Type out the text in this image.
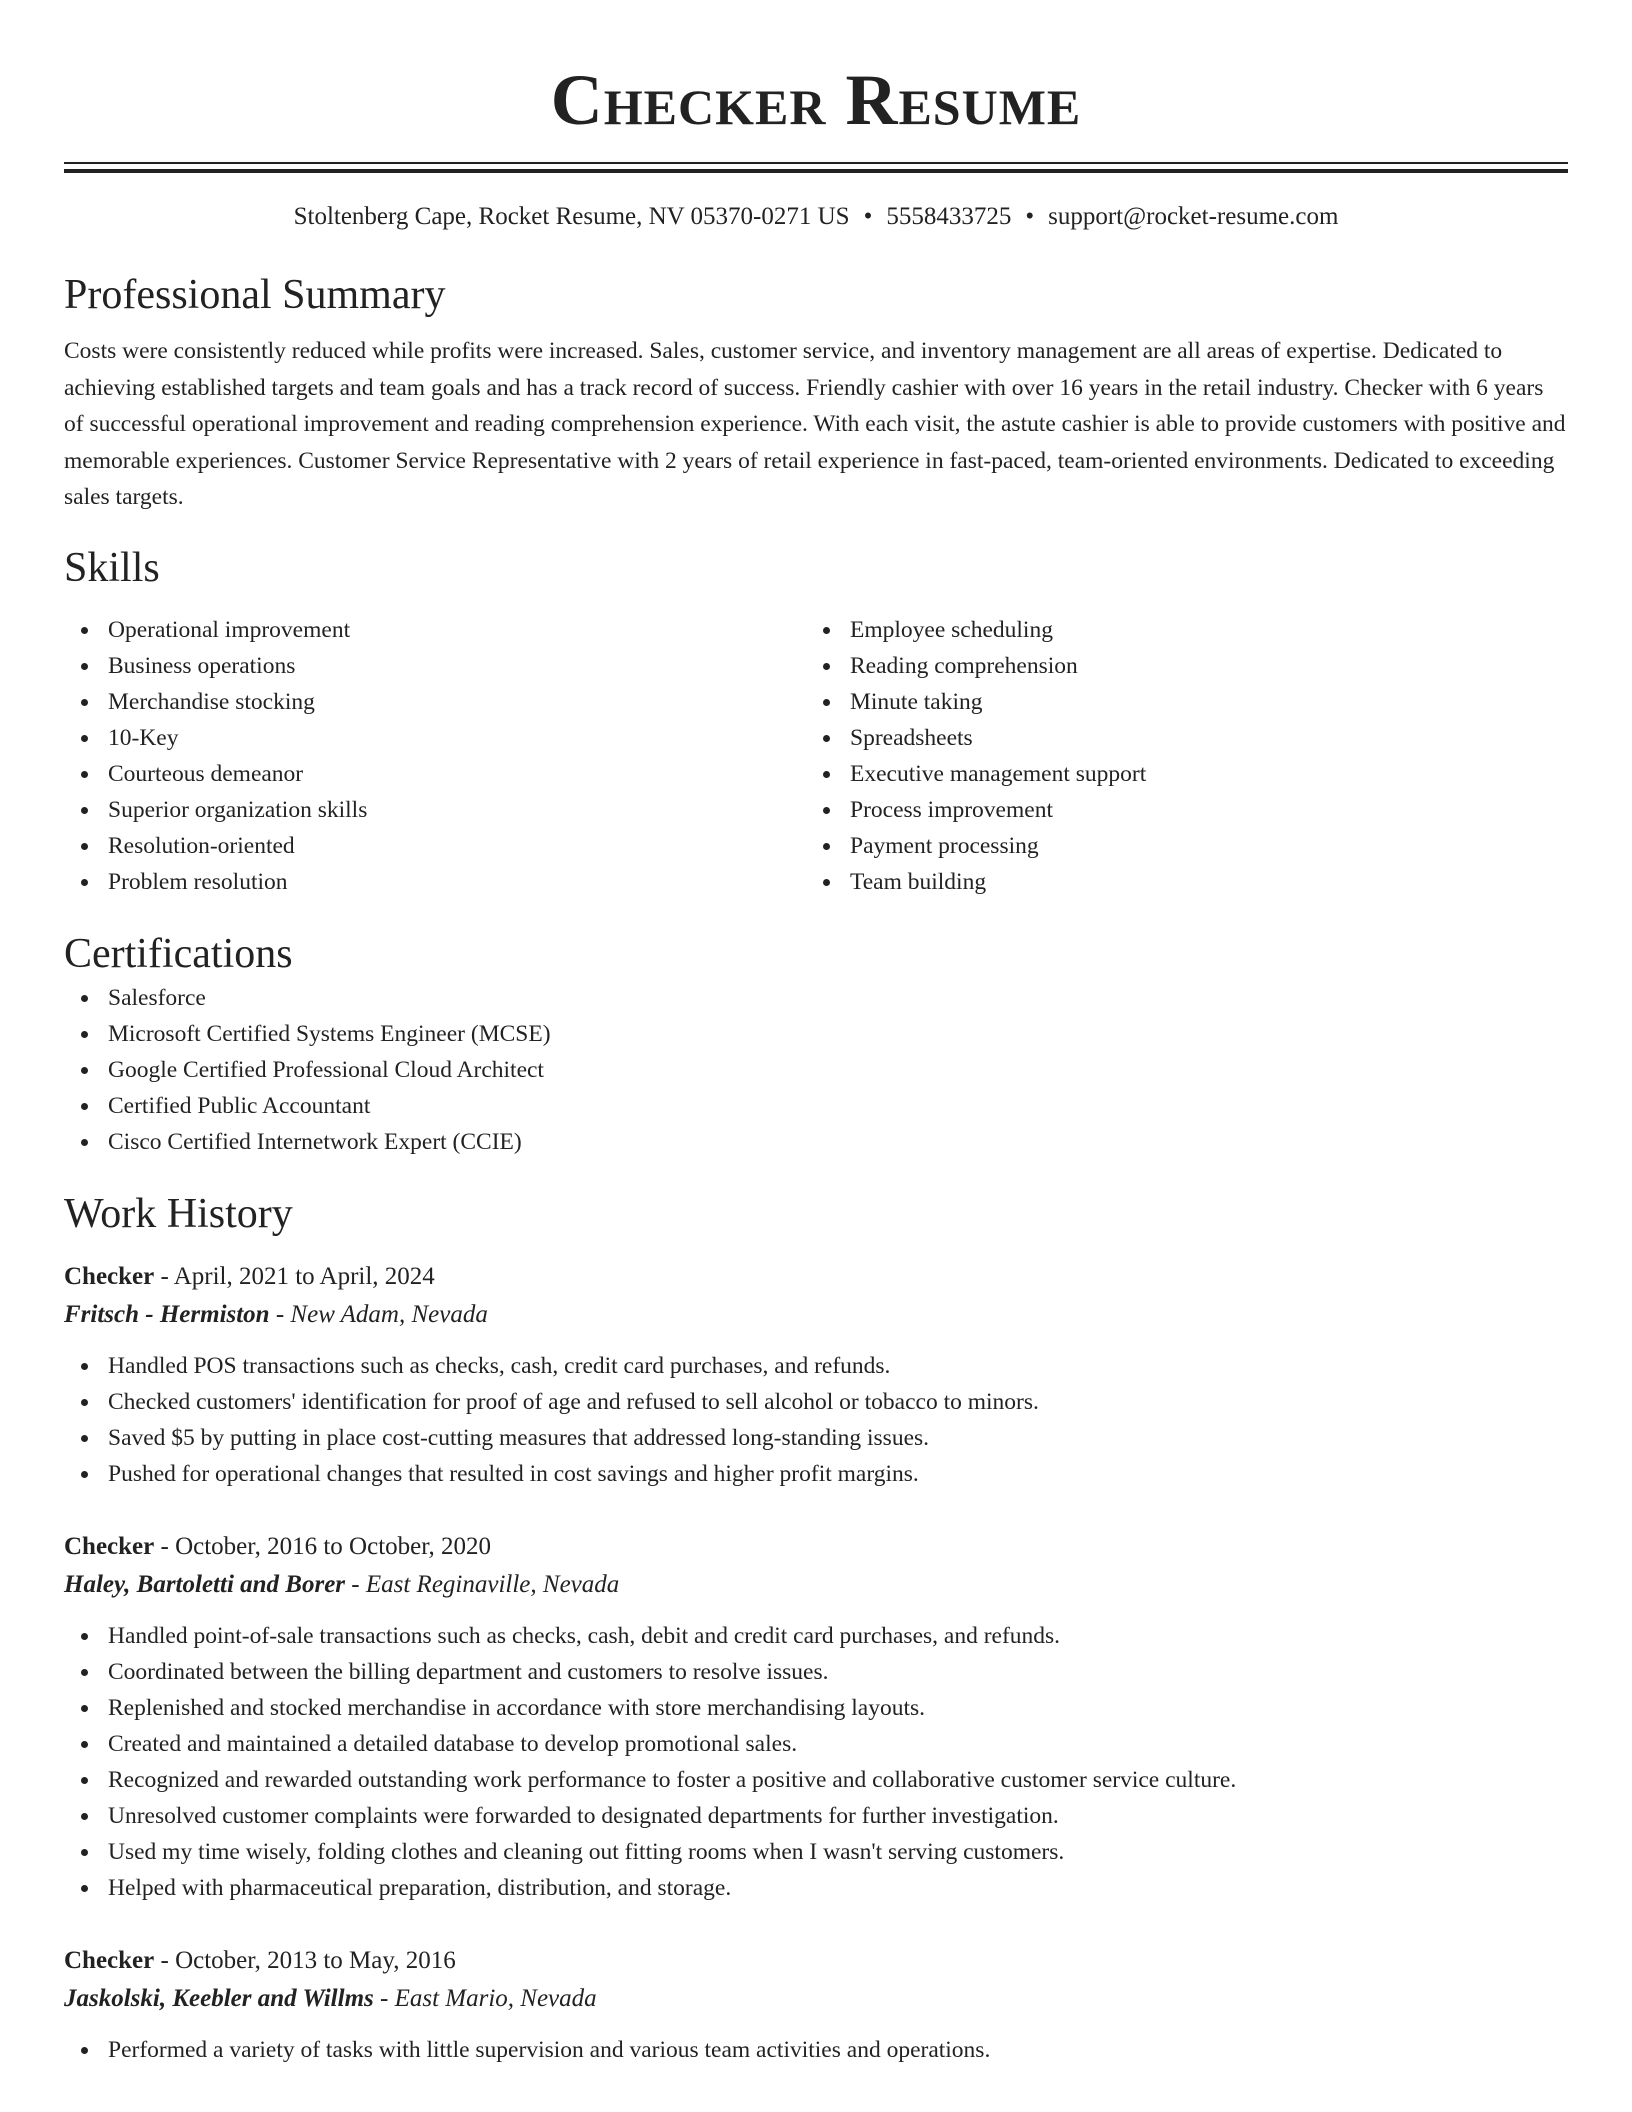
Checker Resume
Stoltenberg Cape, Rocket Resume, NV 05370-0271 US • 5558433725 • support@rocket-resume.com
Professional Summary

Costs were consistently reduced while profits were increased. Sales, customer service, and inventory management are all areas of expertise. Dedicated to achieving established targets and team goals and has a track record of success. Friendly cashier with over 16 years in the retail industry. Checker with 6 years of successful operational improvement and reading comprehension experience. With each visit, the astute cashier is able to provide customers with positive and memorable experiences. Customer Service Representative with 2 years of retail experience in fast-paced, team-oriented environments. Dedicated to exceeding sales targets.

Skills
Operational improvement
Business operations
Merchandise stocking
10-Key
Courteous demeanor
Superior organization skills
Resolution-oriented
Problem resolution
Employee scheduling
Reading comprehension
Minute taking
Spreadsheets
Executive management support
Process improvement
Payment processing
Team building
Certifications
Salesforce
Microsoft Certified Systems Engineer (MCSE)
Google Certified Professional Cloud Architect
Certified Public Accountant
Cisco Certified Internetwork Expert (CCIE)
Work History
Checker - April, 2021 to April, 2024
Fritsch - Hermiston - New Adam, Nevada
Handled POS transactions such as checks, cash, credit card purchases, and refunds.
Checked customers' identification for proof of age and refused to sell alcohol or tobacco to minors.
Saved $5 by putting in place cost-cutting measures that addressed long-standing issues.
Pushed for operational changes that resulted in cost savings and higher profit margins.
Checker - October, 2016 to October, 2020
Haley, Bartoletti and Borer - East Reginaville, Nevada
Handled point-of-sale transactions such as checks, cash, debit and credit card purchases, and refunds.
Coordinated between the billing department and customers to resolve issues.
Replenished and stocked merchandise in accordance with store merchandising layouts.
Created and maintained a detailed database to develop promotional sales.
Recognized and rewarded outstanding work performance to foster a positive and collaborative customer service culture.
Unresolved customer complaints were forwarded to designated departments for further investigation.
Used my time wisely, folding clothes and cleaning out fitting rooms when I wasn't serving customers.
Helped with pharmaceutical preparation, distribution, and storage.
Checker - October, 2013 to May, 2016
Jaskolski, Keebler and Willms - East Mario, Nevada
Performed a variety of tasks with little supervision and various team activities and operations.
